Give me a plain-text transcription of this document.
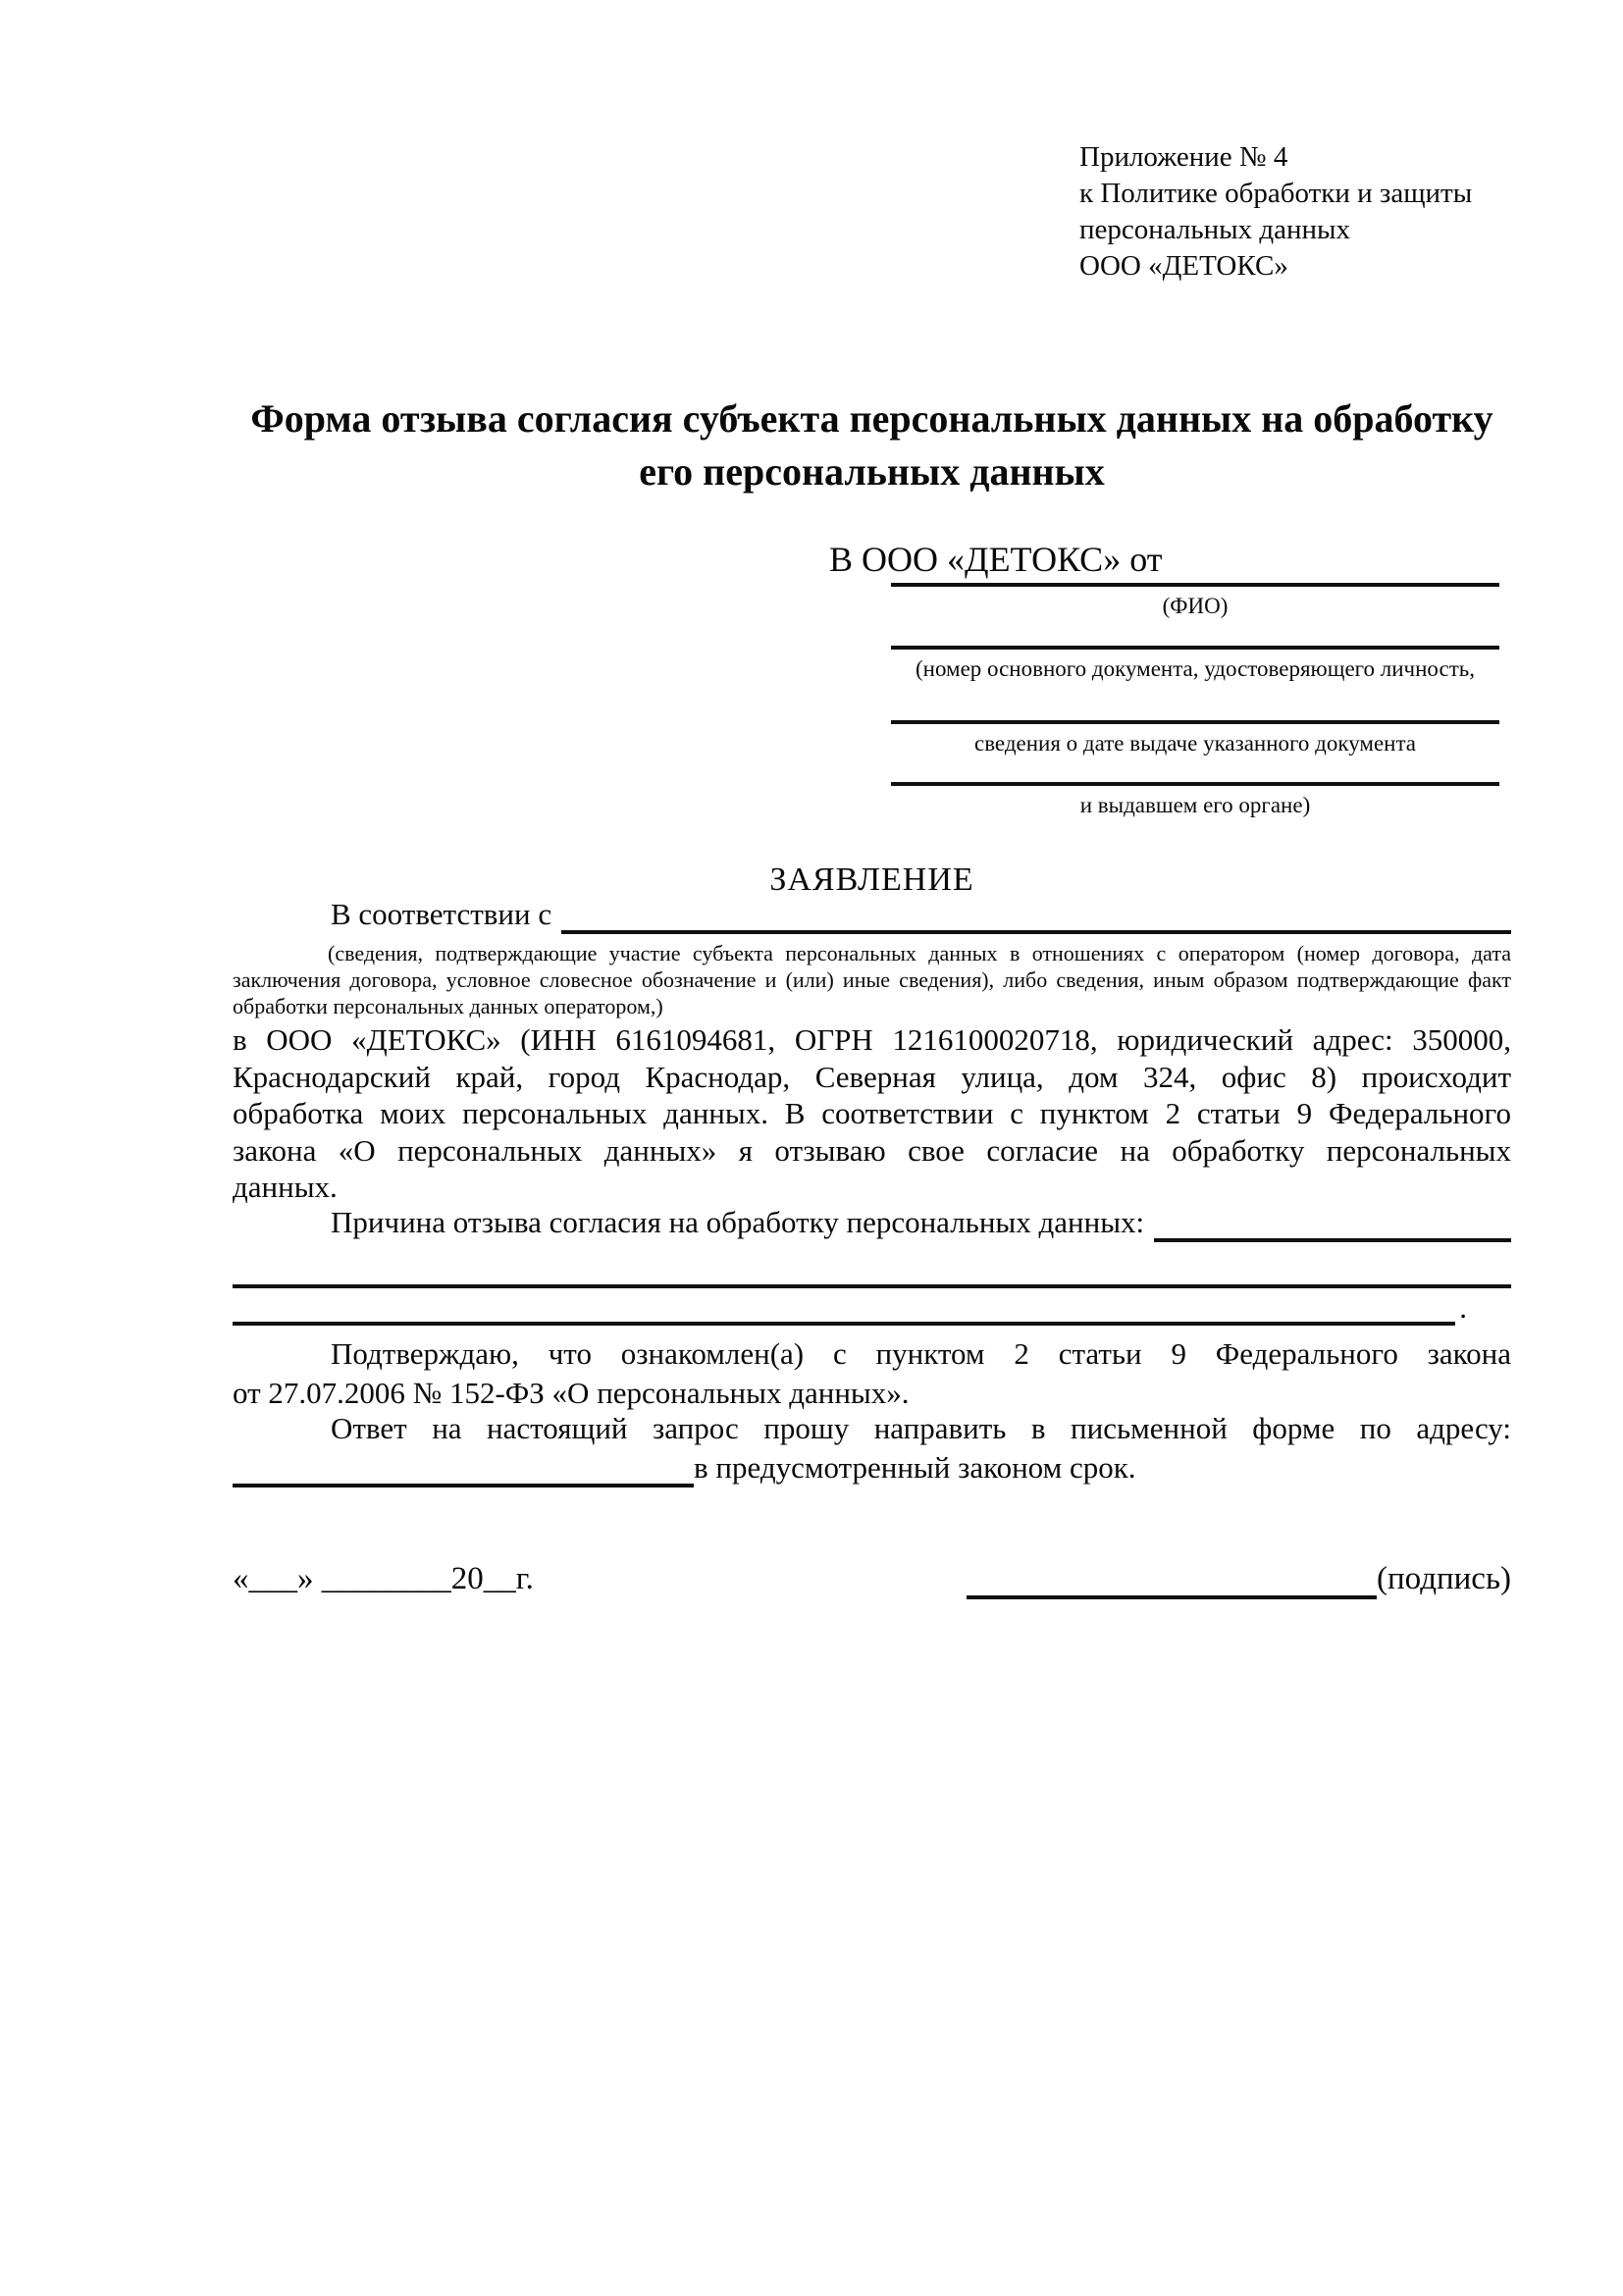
Приложение № 4
к Политике обработки и защиты
персональных данных
ООО «ДЕТОКС»
Форма отзыва согласия субъекта персональных данных на обработку
его персональных данных
В ООО «ДЕТОКС» от
(ФИО)
(номер основного документа, удостоверяющего личность,
сведения о дате выдаче указанного документа
и выдавшем его органе)
ЗАЯВЛЕНИЕ
В соответствии с
(сведения, подтверждающие участие субъекта персональных данных в отношениях с оператором (номер договора, дата
заключения договора, условное словесное обозначение и (или) иные сведения), либо сведения, иным образом подтверждающие факт
обработки персональных данных оператором,)
в ООО «ДЕТОКС» (ИНН 6161094681, ОГРН 1216100020718, юридический адрес: 350000,
Краснодарский край, город Краснодар, Северная улица, дом 324, офис 8) происходит
обработка моих персональных данных. В соответствии с пунктом 2 статьи 9 Федерального
закона «О персональных данных» я отзываю свое согласие на обработку персональных
данных.
Причина отзыва согласия на обработку персональных данных:
.
Подтверждаю, что ознакомлен(а) с пунктом 2 статьи 9 Федерального закона
от 27.07.2006 № 152-ФЗ «О персональных данных».
Ответ на настоящий запрос прошу направить в письменной форме по адресу:
в предусмотренный законом срок.
«___» ________20__г.	(подпись)
